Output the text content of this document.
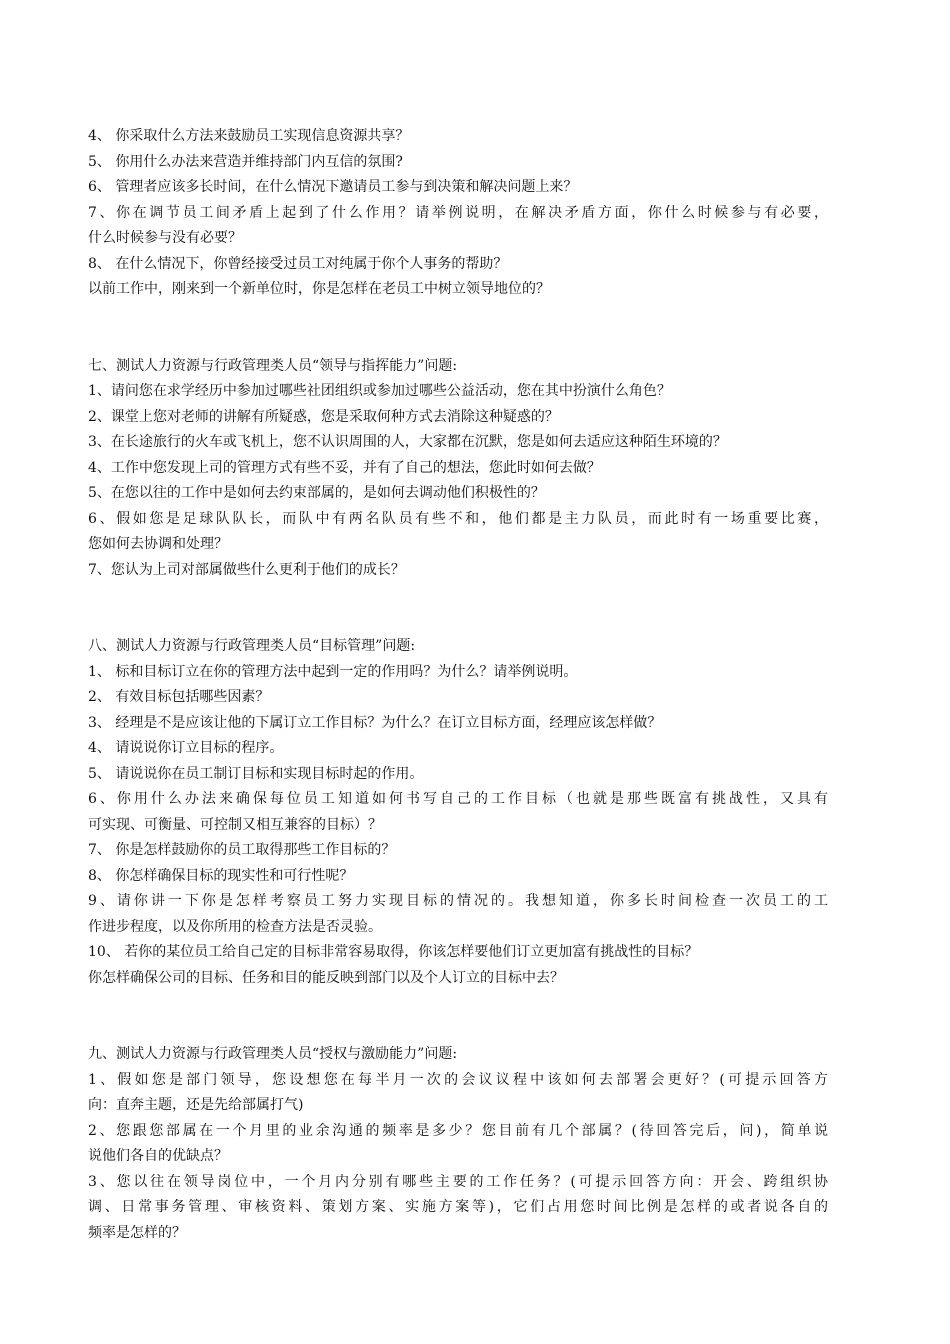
4、 你采取什么方法来鼓励员工实现信息资源共享？
5、 你用什么办法来营造并维持部门内互信的氛围?
6、 管理者应该多长时间，在什么情况下邀请员工参与到决策和解决问题上来？
7、你在调节员工间矛盾上起到了什么作用？请举例说明，在解决矛盾方面，你什么时候参与有必要，
什么时候参与没有必要？
8、 在什么情况下，你曾经接受过员工对纯属于你个人事务的帮助？
以前工作中，刚来到一个新单位时，你是怎样在老员工中树立领导地位的？
七、测试人力资源与行政管理类人员“领导与指挥能力”问题:
1、请问您在求学经历中参加过哪些社团组织或参加过哪些公益活动，您在其中扮演什么角色？
2、课堂上您对老师的讲解有所疑惑，您是采取何种方式去消除这种疑惑的？
3、在长途旅行的火车或飞机上，您不认识周围的人，大家都在沉默，您是如何去适应这种陌生环境的？
4、工作中您发现上司的管理方式有些不妥，并有了自己的想法，您此时如何去做？
5、在您以往的工作中是如何去约束部属的，是如何去调动他们积极性的？
6、假如您是足球队队长，而队中有两名队员有些不和，他们都是主力队员，而此时有一场重要比赛，
您如何去协调和处理？
7、您认为上司对部属做些什么更利于他们的成长？
八、测试人力资源与行政管理类人员“目标管理”问题:
1、 标和目标订立在你的管理方法中起到一定的作用吗？为什么？请举例说明。
2、 有效目标包括哪些因素？
3、 经理是不是应该让他的下属订立工作目标？为什么？在订立目标方面，经理应该怎样做？
4、 请说说你订立目标的程序。
5、 请说说你在员工制订目标和实现目标时起的作用。
6、你用什么办法来确保每位员工知道如何书写自己的工作目标（也就是那些既富有挑战性，又具有
可实现、可衡量、可控制又相互兼容的目标）？
7、 你是怎样鼓励你的员工取得那些工作目标的？
8、 你怎样确保目标的现实性和可行性呢？
9、请你讲一下你是怎样考察员工努力实现目标的情况的。我想知道，你多长时间检查一次员工的工
作进步程度，以及你所用的检查方法是否灵验。
10、 若你的某位员工给自己定的目标非常容易取得，你该怎样要他们订立更加富有挑战性的目标？
你怎样确保公司的目标、任务和目的能反映到部门以及个人订立的目标中去？
九、测试人力资源与行政管理类人员“授权与激励能力”问题:
1、假如您是部门领导，您设想您在每半月一次的会议议程中该如何去部署会更好？(可提示回答方
向：直奔主题，还是先给部属打气)
2、您跟您部属在一个月里的业余沟通的频率是多少？您目前有几个部属？(待回答完后，问)，简单说
说他们各自的优缺点？
3、您以往在领导岗位中，一个月内分别有哪些主要的工作任务？(可提示回答方向：开会、跨组织协
调、日常事务管理、审核资料、策划方案、实施方案等)，它们占用您时间比例是怎样的或者说各自的
频率是怎样的？
